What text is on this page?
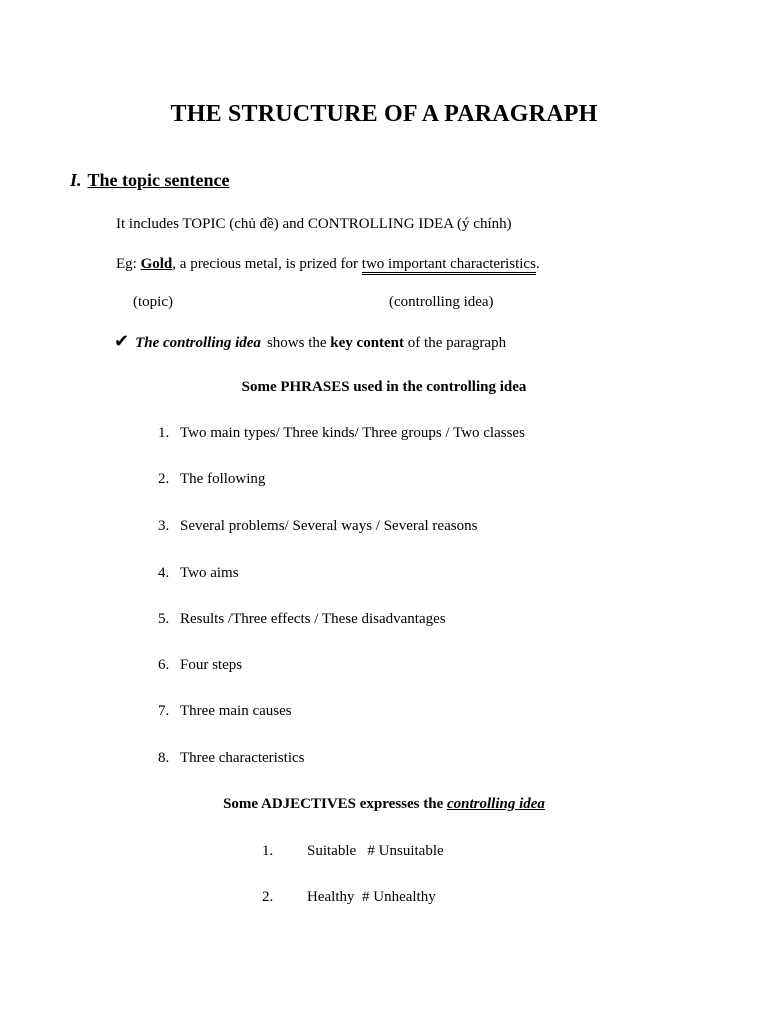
THE STRUCTURE OF A PARAGRAPH
I. The topic sentence
It includes TOPIC (chủ đề) and CONTROLLING IDEA (ý chính)
Eg: Gold, a precious metal, is prized for two important characteristics.
(topic)	(controlling idea)
✔ The controlling idea shows the key content of the paragraph
Some PHRASES used in the controlling idea
1. Two main types/ Three kinds/ Three groups / Two classes
2. The following
3. Several problems/ Several ways / Several reasons
4. Two aims
5. Results /Three effects / These disadvantages
6. Four steps
7. Three main causes
8. Three characteristics
Some ADJECTIVES expresses the controlling idea
1. Suitable   # Unsuitable
2. Healthy  # Unhealthy
